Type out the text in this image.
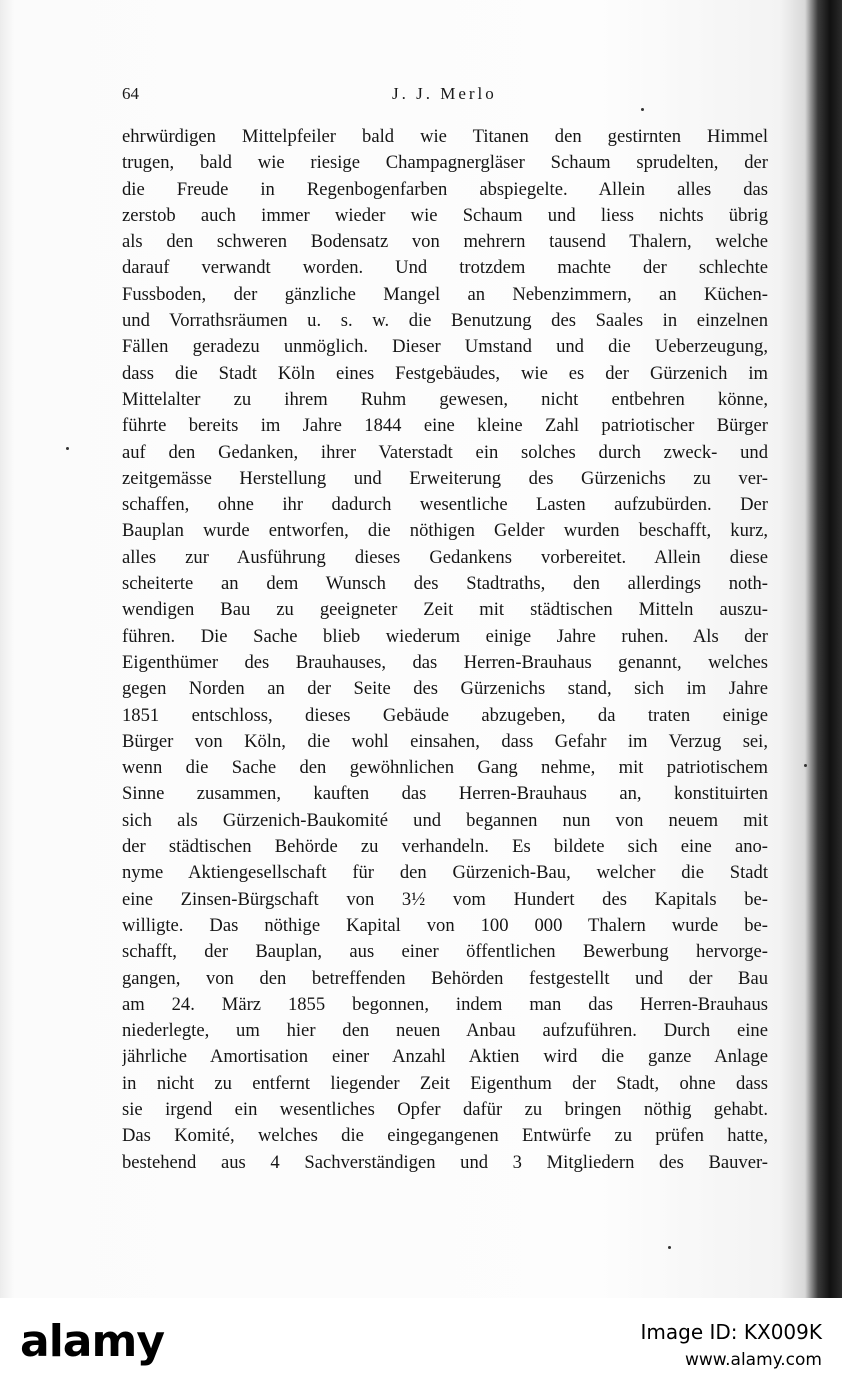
64	J. J. Merlo
ehrwürdigen Mittelpfeiler bald wie Titanen den gestirnten Himmel
trugen, bald wie riesige Champagnergläser Schaum sprudelten, der
die Freude in Regenbogenfarben abspiegelte. Allein alles das
zerstob auch immer wieder wie Schaum und liess nichts übrig
als den schweren Bodensatz von mehrern tausend Thalern, welche
darauf verwandt worden. Und trotzdem machte der schlechte
Fussboden, der gänzliche Mangel an Nebenzimmern, an Küchen-
und Vorrathsräumen u. s. w. die Benutzung des Saales in einzelnen
Fällen geradezu unmöglich. Dieser Umstand und die Ueberzeugung,
dass die Stadt Köln eines Festgebäudes, wie es der Gürzenich im
Mittelalter zu ihrem Ruhm gewesen, nicht entbehren könne,
führte bereits im Jahre 1844 eine kleine Zahl patriotischer Bürger
auf den Gedanken, ihrer Vaterstadt ein solches durch zweck- und
zeitgemässe Herstellung und Erweiterung des Gürzenichs zu ver-
schaffen, ohne ihr dadurch wesentliche Lasten aufzubürden. Der
Bauplan wurde entworfen, die nöthigen Gelder wurden beschafft, kurz,
alles zur Ausführung dieses Gedankens vorbereitet. Allein diese
scheiterte an dem Wunsch des Stadtraths, den allerdings noth-
wendigen Bau zu geeigneter Zeit mit städtischen Mitteln auszu-
führen. Die Sache blieb wiederum einige Jahre ruhen. Als der
Eigenthümer des Brauhauses, das Herren-Brauhaus genannt, welches
gegen Norden an der Seite des Gürzenichs stand, sich im Jahre
1851 entschloss, dieses Gebäude abzugeben, da traten einige
Bürger von Köln, die wohl einsahen, dass Gefahr im Verzug sei,
wenn die Sache den gewöhnlichen Gang nehme, mit patriotischem
Sinne zusammen, kauften das Herren-Brauhaus an, konstituirten
sich als Gürzenich-Baukomité und begannen nun von neuem mit
der städtischen Behörde zu verhandeln. Es bildete sich eine ano-
nyme Aktiengesellschaft für den Gürzenich-Bau, welcher die Stadt
eine Zinsen-Bürgschaft von 3½ vom Hundert des Kapitals be-
willigte. Das nöthige Kapital von 100 000 Thalern wurde be-
schafft, der Bauplan, aus einer öffentlichen Bewerbung hervorge-
gangen, von den betreffenden Behörden festgestellt und der Bau
am 24. März 1855 begonnen, indem man das Herren-Brauhaus
niederlegte, um hier den neuen Anbau aufzuführen. Durch eine
jährliche Amortisation einer Anzahl Aktien wird die ganze Anlage
in nicht zu entfernt liegender Zeit Eigenthum der Stadt, ohne dass
sie irgend ein wesentliches Opfer dafür zu bringen nöthig gehabt.
Das Komité, welches die eingegangenen Entwürfe zu prüfen hatte,
bestehend aus 4 Sachverständigen und 3 Mitgliedern des Bauver-
alamy	Image ID: KX009K
www.alamy.com
